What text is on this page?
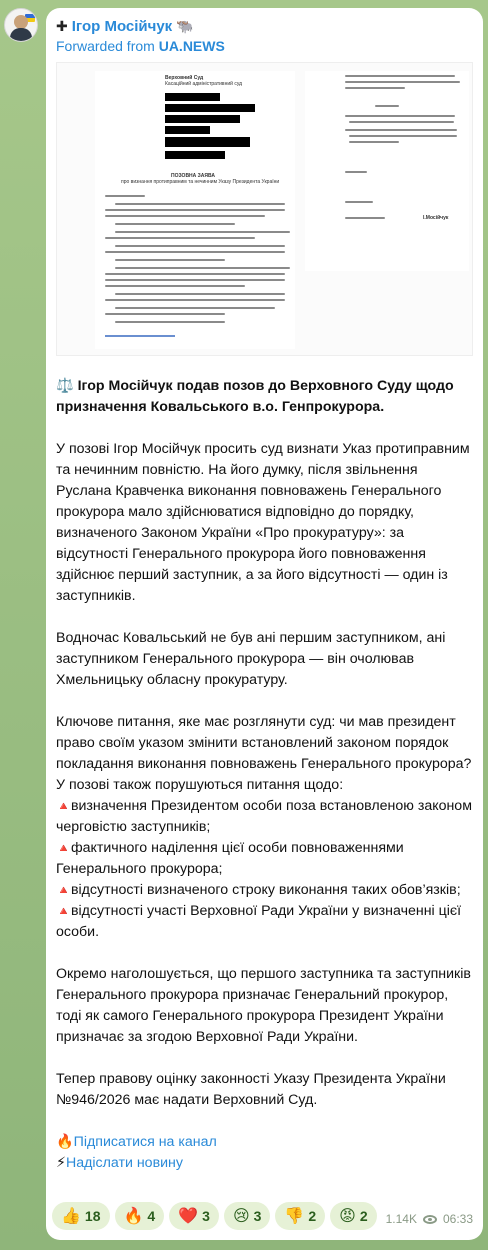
✚ Ігор Мосійчук 🐃
Forwarded from UA.NEWS
Верховний Суд
Касаційний адміністративний суд
ПОЗОВНА ЗАЯВА
про визнання протиправним та нечинним Указу Президента України
І.Мосійчук

⚖️ Ігор Мосійчук подав позов до Верховного Суду щодо призначення Ковальського в.о. Генпрокурора.

У позові Ігор Мосійчук просить суд визнати Указ протиправним та нечинним повністю. На його думку, після звільнення Руслана Кравченка виконання повноважень Генерального прокурора мало здійснюватися відповідно до порядку, визначеного Законом України «Про прокуратуру»: за відсутності Генерального прокурора його повноваження здійснює перший заступник, а за його відсутності — один із заступників.

Водночас Ковальський не був ані першим заступником, ані заступником Генерального прокурора — він очолював Хмельницьку обласну прокуратуру.

Ключове питання, яке має розглянути суд: чи мав президент право своїм указом змінити встановлений законом порядок покладання виконання повноважень Генерального прокурора?

У позові також порушуються питання щодо:

🔺визначення Президентом особи поза встановленою законом черговістю заступників;

🔺фактичного наділення цієї особи повноваженнями Генерального прокурора;

🔺відсутності визначеного строку виконання таких обов’язків;

🔺відсутності участі Верховної Ради України у визначенні цієї особи.

Окремо наголошується, що першого заступника та заступників Генерального прокурора призначає Генеральний прокурор, тоді як самого Генерального прокурора Президент України призначає за згодою Верховної Ради України.

Тепер правову оцінку законності Указу Президента України №946/2026 має надати Верховний Суд.

🔥Підписатися на канал

⚡Надіслати новину

👍 18 🔥 4 ❤️ 3 😢 3 👎 2 😡 2 1.14K 06:33
